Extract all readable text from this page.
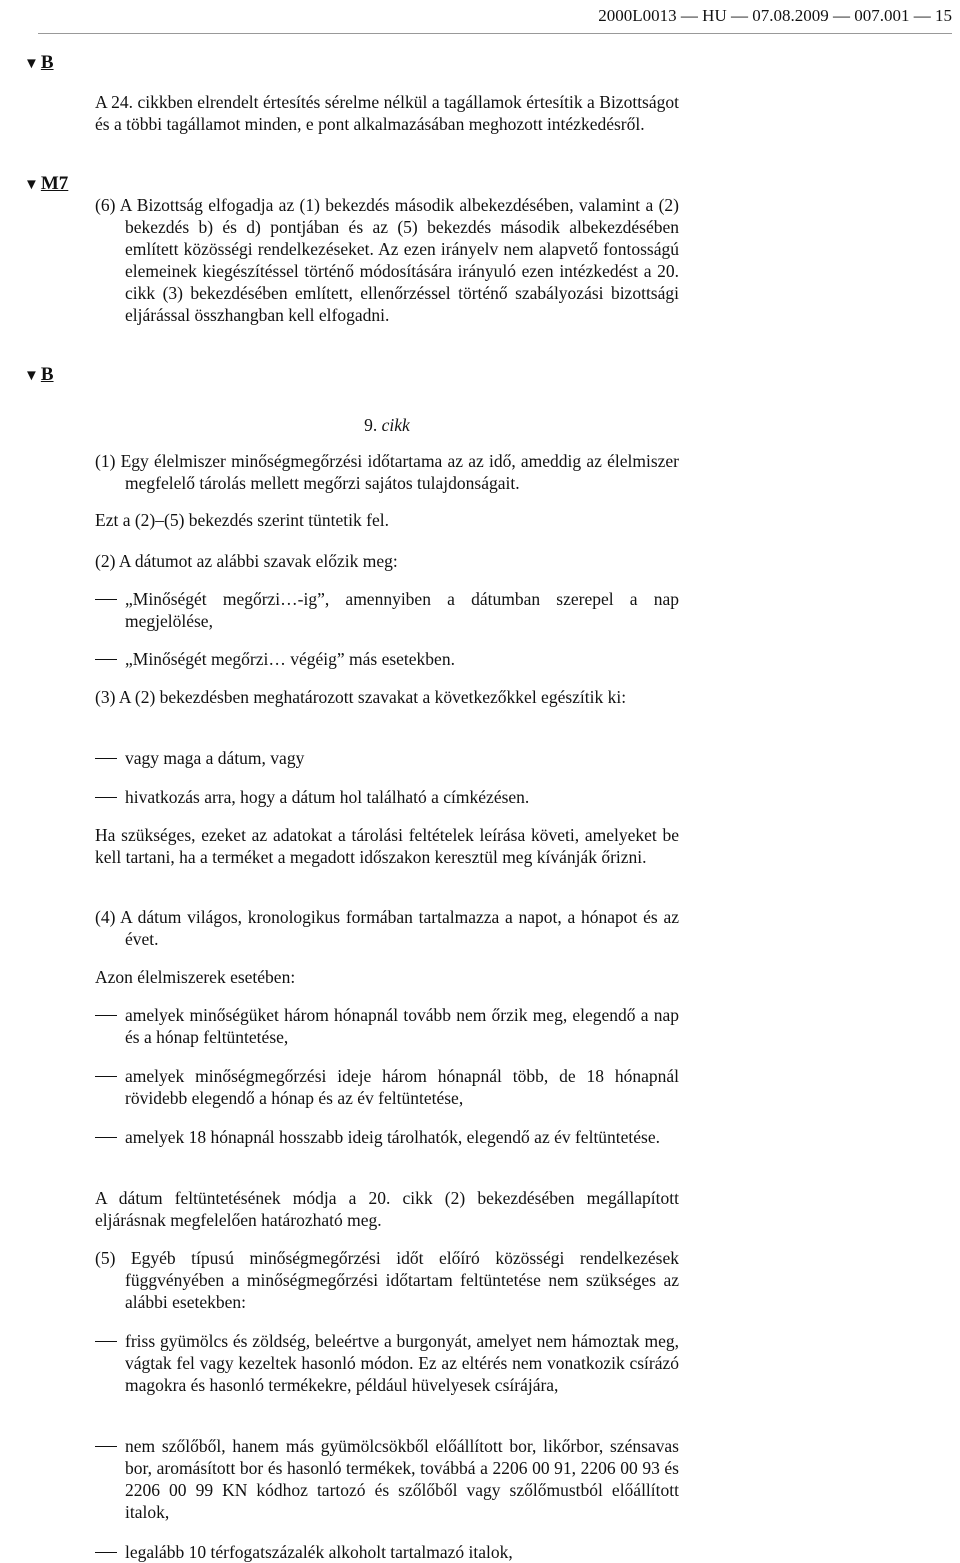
2000L0013 — HU — 07.08.2009 — 007.001 — 15
▼ B
▼ M7
▼ B

A 24. cikkben elrendelt értesítés sérelme nélkül a tagállamok értesítik a Bizottságot és a többi tagállamot minden, e pont alkalmazásában meghozott intézkedésről.

(6) A Bizottság elfogadja az (1) bekezdés második albekezdésében, valamint a (2) bekezdés b) és d) pontjában és az (5) bekezdés második albekezdésében említett közösségi rendelkezéseket. Az ezen irányelv nem alapvető fontosságú elemeinek kiegészítéssel történő módosítására irányuló ezen intézkedést a 20. cikk (3) bekezdésében említett, ellenőrzéssel történő szabályozási bizottsági eljárással összhangban kell elfogadni.

9. cikk

(1) Egy élelmiszer minőségmegőrzési időtartama az az idő, ameddig az élelmiszer megfelelő tárolás mellett megőrzi sajátos tulajdonságait.

Ezt a (2)–(5) bekezdés szerint tüntetik fel.

(2) A dátumot az alábbi szavak előzik meg:

„Minőségét megőrzi…-ig”, amennyiben a dátumban szerepel a nap megjelölése,

„Minőségét megőrzi… végéig” más esetekben.

(3) A (2) bekezdésben meghatározott szavakat a következőkkel egészítik ki:

vagy maga a dátum, vagy

hivatkozás arra, hogy a dátum hol található a címkézésen.

Ha szükséges, ezeket az adatokat a tárolási feltételek leírása követi, amelyeket be kell tartani, ha a terméket a megadott időszakon keresztül meg kívánják őrizni.

(4) A dátum világos, kronologikus formában tartalmazza a napot, a hónapot és az évet.

Azon élelmiszerek esetében:

amelyek minőségüket három hónapnál tovább nem őrzik meg, elegendő a nap és a hónap feltüntetése,

amelyek minőségmegőrzési ideje három hónapnál több, de 18 hónapnál rövidebb elegendő a hónap és az év feltüntetése,

amelyek 18 hónapnál hosszabb ideig tárolhatók, elegendő az év feltüntetése.

A dátum feltüntetésének módja a 20. cikk (2) bekezdésében megállapított eljárásnak megfelelően határozható meg.

(5) Egyéb típusú minőségmegőrzési időt előíró közösségi rendelkezések függvényében a minőségmegőrzési időtartam feltüntetése nem szükséges az alábbi esetekben:

friss gyümölcs és zöldség, beleértve a burgonyát, amelyet nem hámoztak meg, vágtak fel vagy kezeltek hasonló módon. Ez az eltérés nem vonatkozik csírázó magokra és hasonló termékekre, például hüvelyesek csírájára,

nem szőlőből, hanem más gyümölcsökből előállított bor, likőrbor, szénsavas bor, aromásított bor és hasonló termékek, továbbá a 2206 00 91, 2206 00 93 és 2206 00 99 KN kódhoz tartozó és szőlőből vagy szőlőmustból előállított italok,

legalább 10 térfogatszázalék alkoholt tartalmazó italok,
